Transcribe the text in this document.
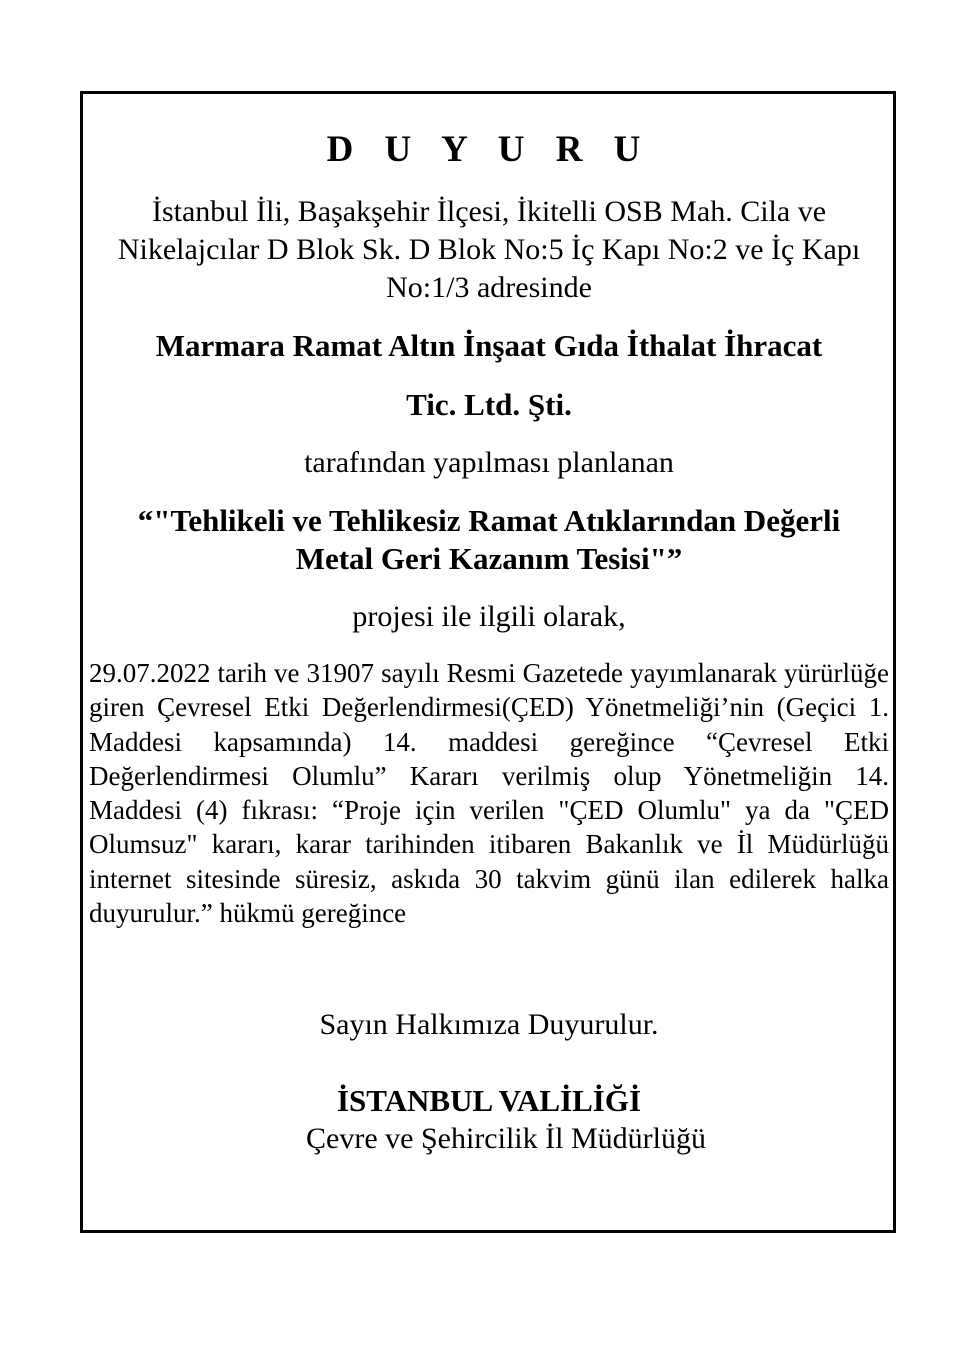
D U Y U R U
İstanbul İli, Başakşehir İlçesi, İkitelli OSB Mah. Cila ve Nikelajcılar D Blok Sk. D Blok No:5 İç Kapı No:2 ve İç Kapı No:1/3 adresinde
Marmara Ramat Altın İnşaat Gıda İthalat İhracat
Tic. Ltd. Şti.
tarafından yapılması planlanan
“"Tehlikeli ve Tehlikesiz Ramat Atıklarından Değerli Metal Geri Kazanım Tesisi"”
projesi ile ilgili olarak,
29.07.2022 tarih ve 31907 sayılı Resmi Gazetede yayımlanarak yürürlüğe giren Çevresel Etki Değerlendirmesi(ÇED) Yönetmeliği’nin (Geçici 1. Maddesi kapsamında) 14. maddesi gereğince “Çevresel Etki Değerlendirmesi Olumlu” Kararı verilmiş olup Yönetmeliğin 14. Maddesi (4) fıkrası: “Proje için verilen "ÇED Olumlu" ya da "ÇED Olumsuz" kararı, karar tarihinden itibaren Bakanlık ve İl Müdürlüğü internet sitesinde süresiz, askıda 30 takvim günü ilan edilerek halka duyurulur.” hükmü gereğince
Sayın Halkımıza Duyurulur.
İSTANBUL VALİLİĞİ
Çevre ve Şehircilik İl Müdürlüğü
